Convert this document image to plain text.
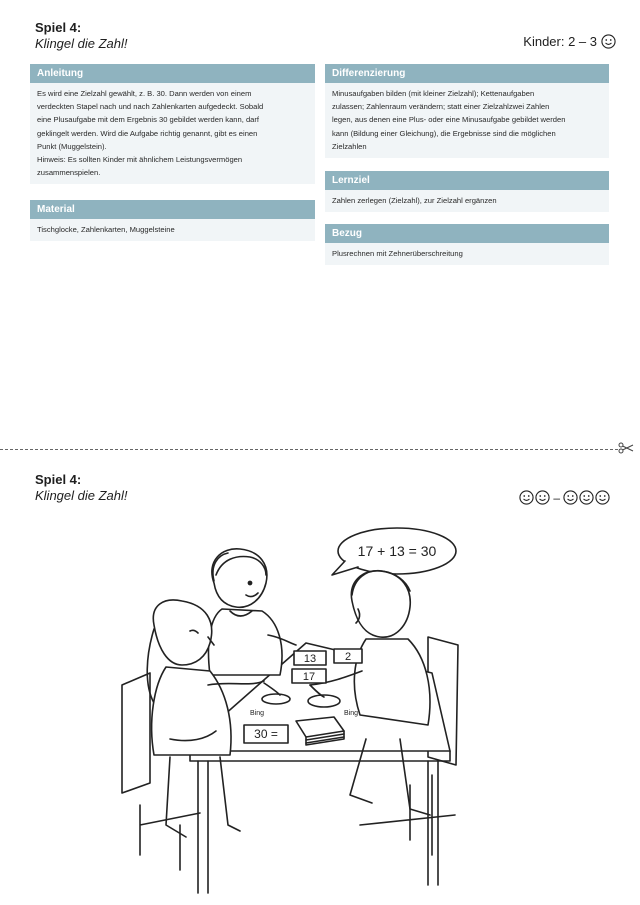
Spiel 4:
Klingel die Zahl!	Kinder: 2 – 3
Anleitung
Es wird eine Zielzahl gewählt, z. B. 30. Dann werden von einem
verdeckten Stapel nach und nach Zahlenkarten aufgedeckt. Sobald
eine Plusaufgabe mit dem Ergebnis 30 gebildet werden kann, darf
geklingelt werden. Wird die Aufgabe richtig genannt, gibt es einen
Punkt (Muggelstein).
Hinweis: Es sollten Kinder mit ähnlichem Leistungsvermögen
zusammenspielen.
Material
Tischglocke, Zahlenkarten, Muggelsteine
Differenzierung
Minusaufgaben bilden (mit kleiner Zielzahl); Kettenaufgaben
zulassen; Zahlenraum verändern; statt einer Zielzahlzwei Zahlen
legen, aus denen eine Plus- oder eine Minusaufgabe gebildet werden
kann (Bildung einer Gleichung), die Ergebnisse sind die möglichen
Zielzahlen
Lernziel
Zahlen zerlegen (Zielzahl), zur Zielzahl ergänzen
Bezug
Plusrechnen mit Zehnerüberschreitung
Spiel 4:
Klingel die Zahl!	–
17 + 13 = 30
13	2
17
30 =
Bing	Bing
